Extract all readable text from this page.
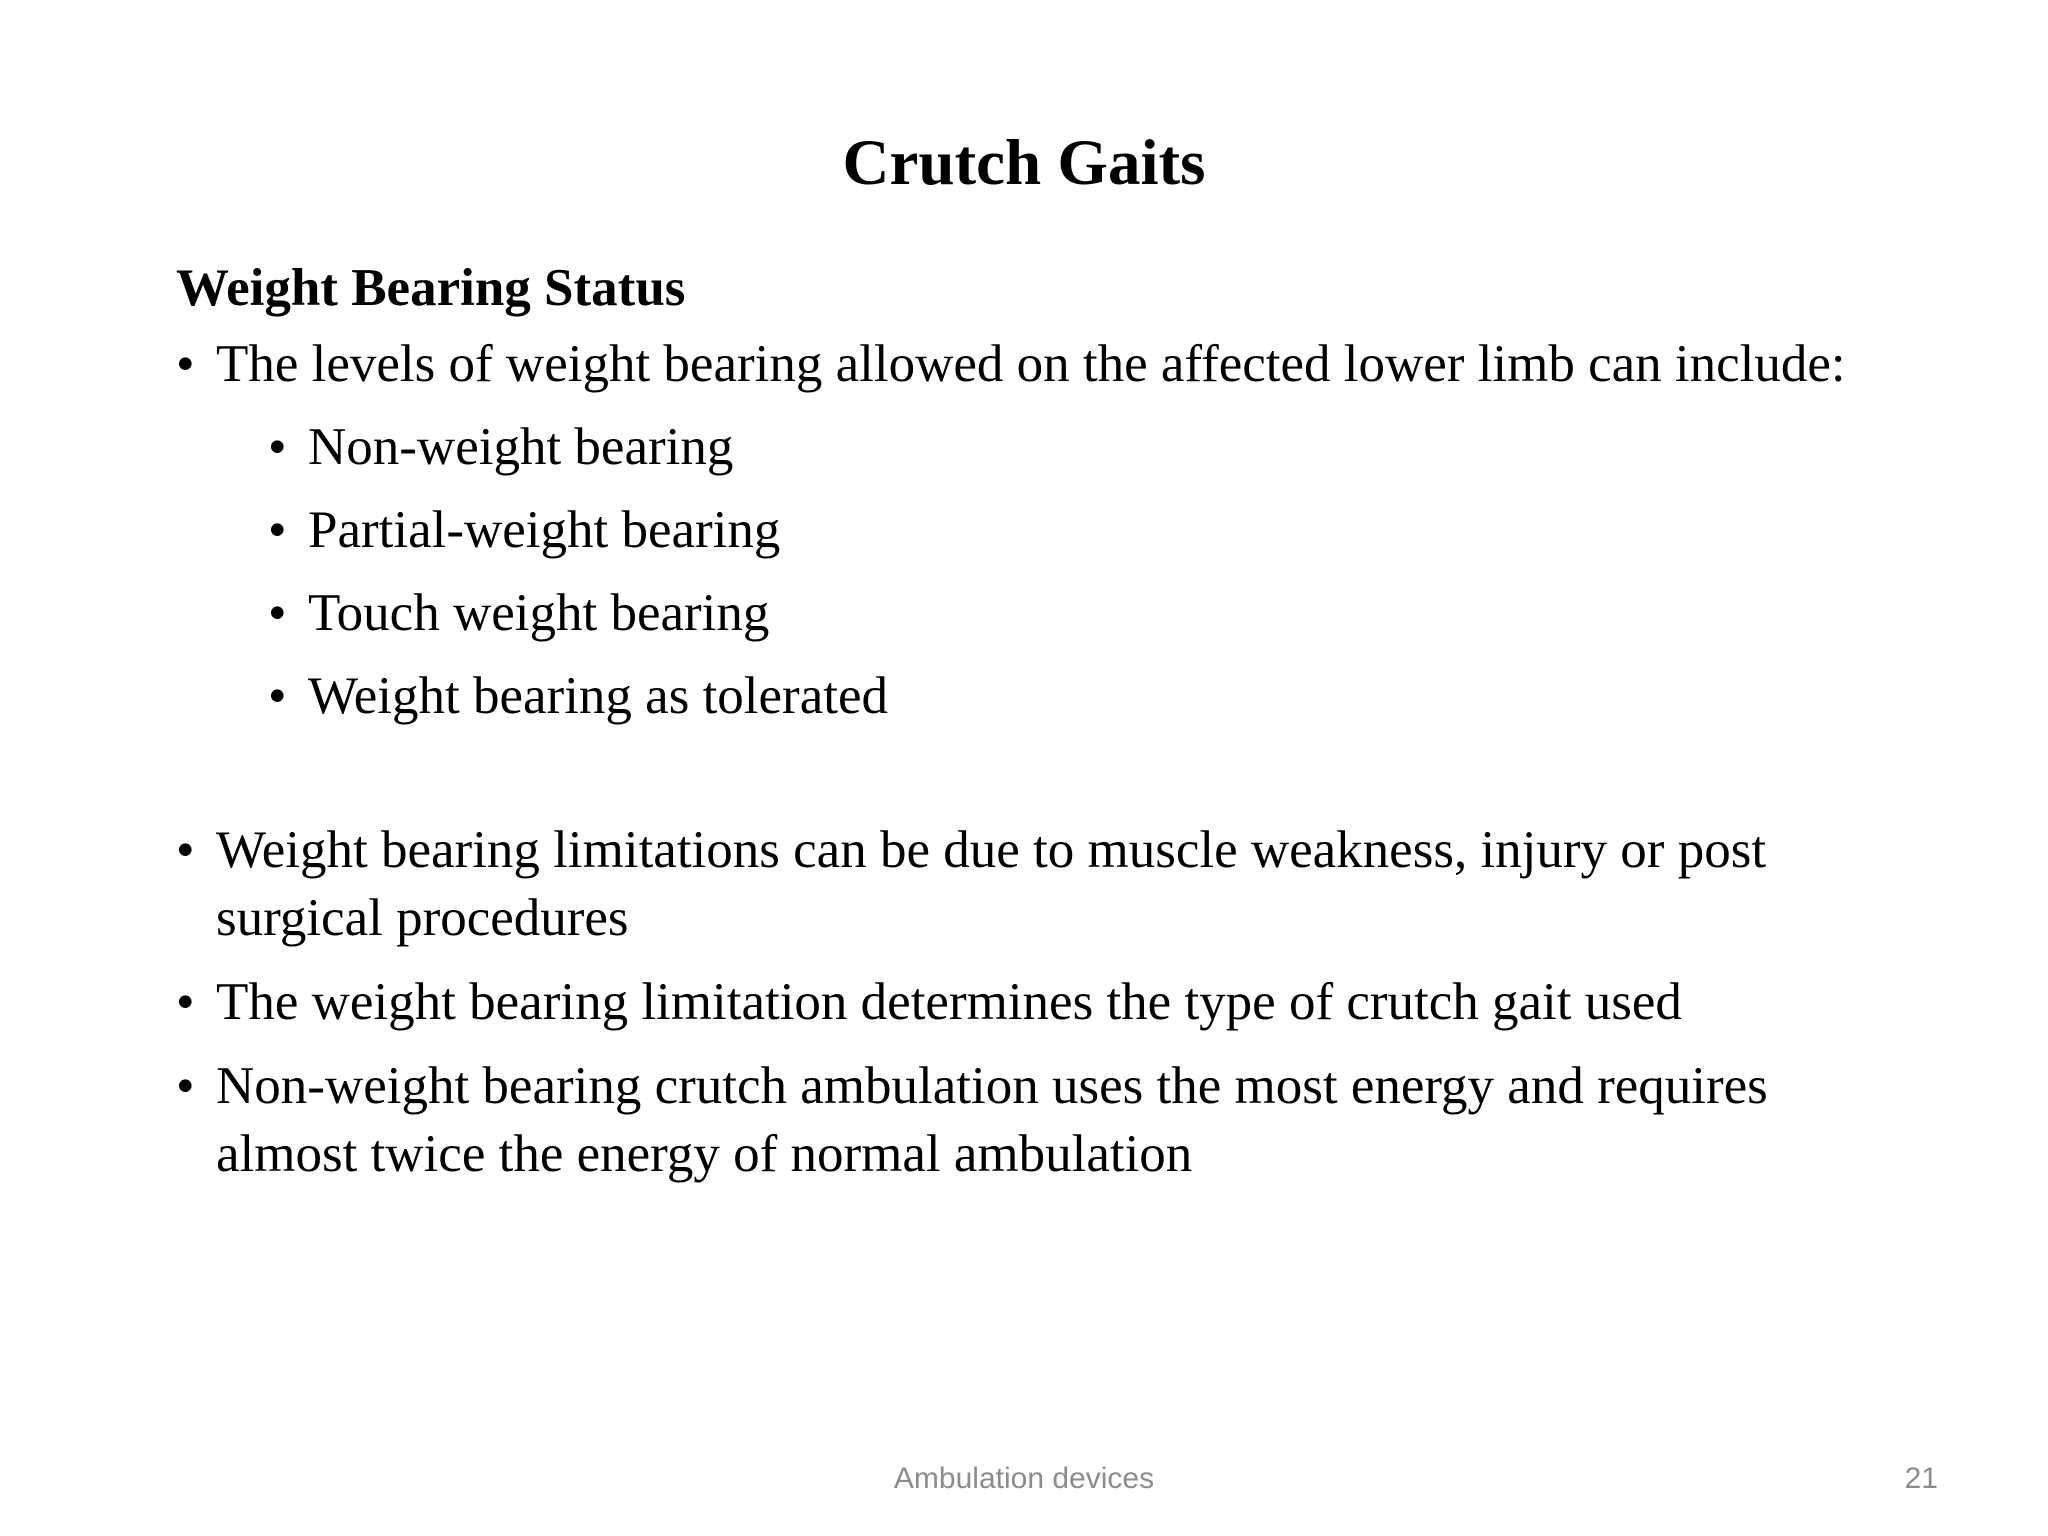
Crutch Gaits
Weight Bearing Status
• The levels of weight bearing allowed on the affected lower limb can include:
• Non-weight bearing
• Partial-weight bearing
• Touch weight bearing
• Weight bearing as tolerated
• Weight bearing limitations can be due to muscle weakness, injury or post surgical procedures
• The weight bearing limitation determines the type of crutch gait used
• Non-weight bearing crutch ambulation uses the most energy and requires almost twice the energy of normal ambulation
Ambulation devices	21
